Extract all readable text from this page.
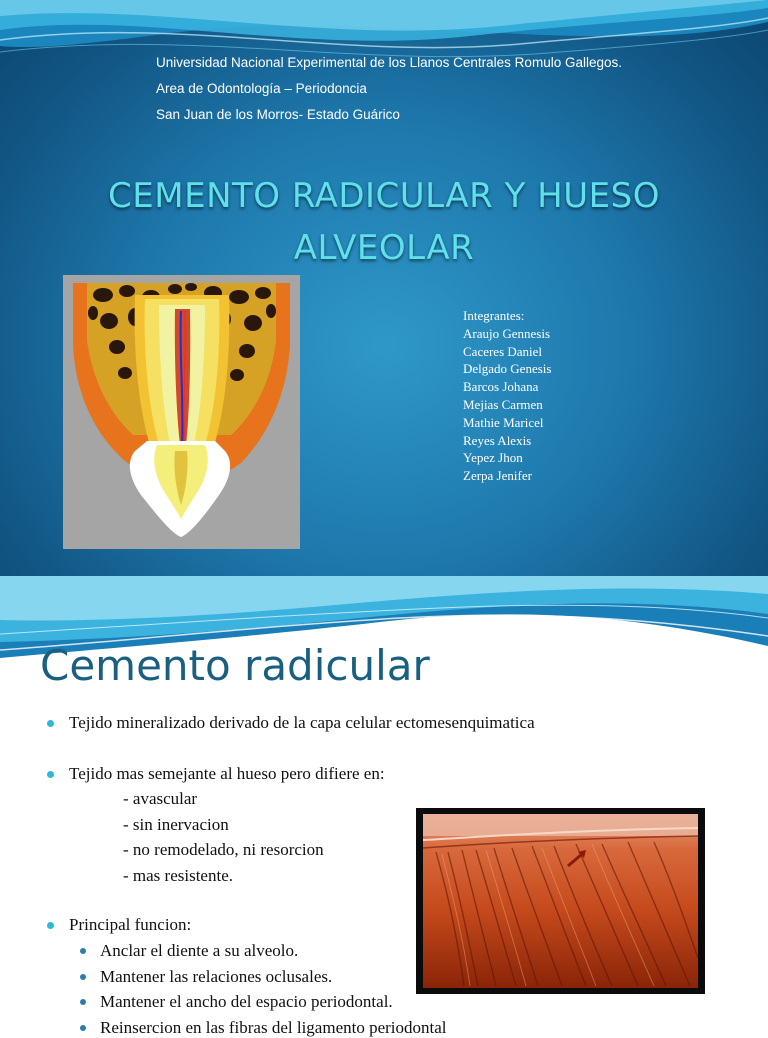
Universidad Nacional Experimental de los Llanos Centrales Romulo Gallegos.
Area de Odontología – Periodoncia
San Juan de los Morros- Estado Guárico
CEMENTO RADICULAR Y HUESO
ALVEOLAR
Integrantes:
Araujo Gennesis
Caceres Daniel
Delgado Genesis
Barcos Johana
Mejias Carmen
Mathie Maricel
Reyes Alexis
Yepez Jhon
Zerpa Jenifer
Cemento radicular
Tejido mineralizado derivado de la capa celular ectomesenquimatica
Tejido mas semejante al hueso pero difiere en:
- avascular
- sin inervacion
- no remodelado, ni resorcion
- mas resistente.
Principal funcion:
Anclar el diente a su alveolo.
Mantener las relaciones oclusales.
Mantener el ancho del espacio periodontal.
Reinsercion en las fibras del ligamento periodontal
